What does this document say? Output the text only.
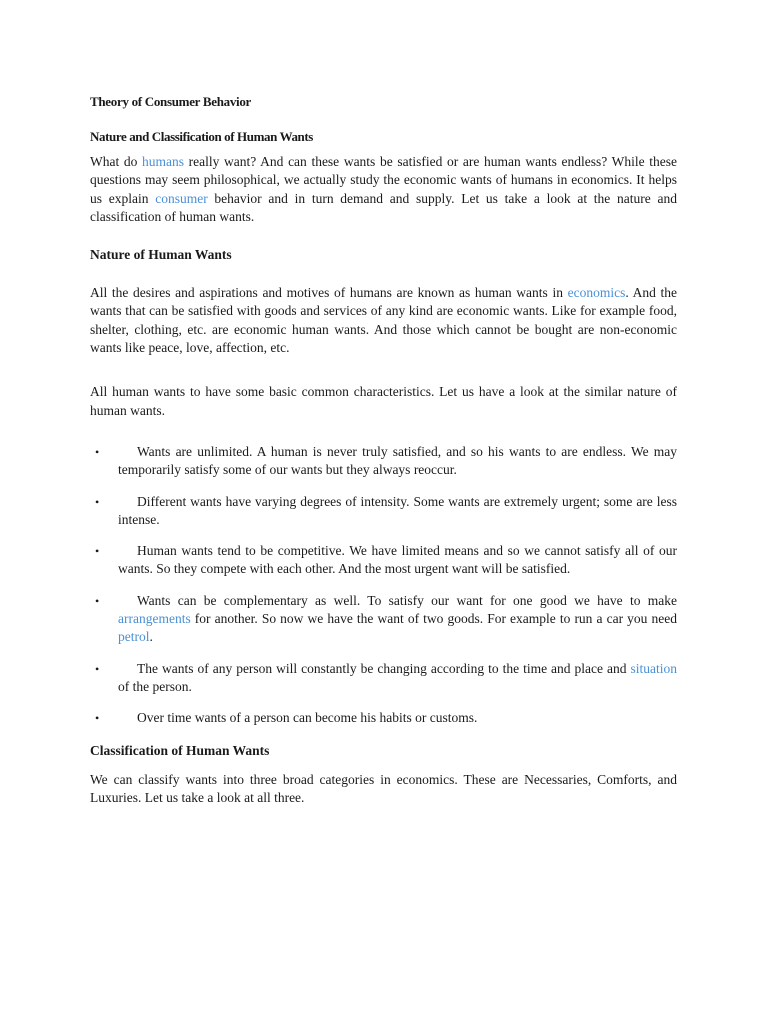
Theory of Consumer Behavior
Nature and Classification of Human Wants

What do humans really want? And can these wants be satisfied or are human wants endless? While these questions may seem philosophical, we actually study the economic wants of humans in economics. It helps us explain consumer behavior and in turn demand and supply. Let us take a look at the nature and classification of human wants.

Nature of Human Wants

All the desires and aspirations and motives of humans are known as human wants in economics. And the wants that can be satisfied with goods and services of any kind are economic wants. Like for example food, shelter, clothing, etc. are economic human wants. And those which cannot be bought are non-economic wants like peace, love, affection, etc.

All human wants to have some basic common characteristics. Let us have a look at the similar nature of human wants.

•	Wants are unlimited. A human is never truly satisfied, and so his wants to are endless. We may temporarily satisfy some of our wants but they always reoccur.
•	Different wants have varying degrees of intensity. Some wants are extremely urgent; some are less intense.
•	Human wants tend to be competitive. We have limited means and so we cannot satisfy all of our wants. So they compete with each other. And the most urgent want will be satisfied.
•	Wants can be complementary as well. To satisfy our want for one good we have to make arrangements for another. So now we have the want of two goods. For example to run a car you need petrol.
•	The wants of any person will constantly be changing according to the time and place and situation of the person.
•	Over time wants of a person can become his habits or customs.
Classification of Human Wants

We can classify wants into three broad categories in economics. These are Necessaries, Comforts, and Luxuries. Let us take a look at all three.
